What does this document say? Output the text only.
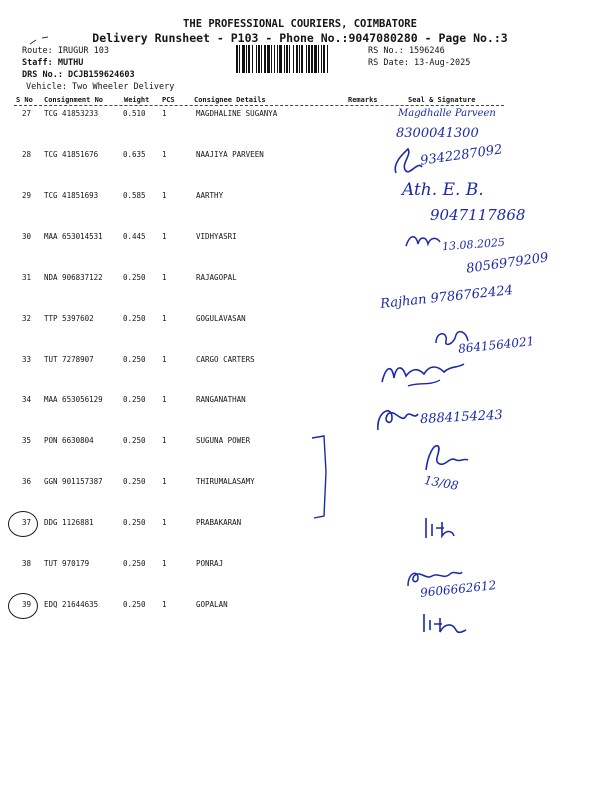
THE PROFESSIONAL COURIERS, COIMBATORE
Delivery Runsheet - P103 - Phone No.:9047080280 - Page No.:3
Route: IRUGUR 103
Staff: MUTHU
DRS No.: DCJB159624603
Vehicle: Two Wheeler Delivery
RS No.: 1596246
RS Date: 13-Aug-2025
S No Consignment No	Weight PCS	Consignee Details	Remarks	Seal & Signature
27 TCG 41853233	0.510 1	MAGDHALINE SUGANYA
28 TCG 41851676	0.635 1	NAAJIYA PARVEEN
29 TCG 41851693	0.585 1	AARTHY
30 MAA 653014531	0.445 1	VIDHYASRI
31 NDA 906837122	0.250 1	RAJAGOPAL
32 TTP 5397602	0.250 1	GOGULAVASAN
33 TUT 7278907	0.250 1	CARGO CARTERS
34 MAA 653056129	0.250 1	RANGANATHAN
35 PON 6630804	0.250 1	SUGUNA POWER
36 GGN 901157387	0.250 1	THIRUMALASAMY
37 DDG 1126881	0.250 1	PRABAKARAN
38 TUT 970179	0.250 1	PONRAJ
39 EDQ 21644635	0.250 1	GOPALAN
Magdhalle Parveen
8300041300
9342287092
Ath. E. B.
9047117868
13.08.2025
8056979209
Rajhan 9786762424
8641564021
8884154243
13/08
9606662612
